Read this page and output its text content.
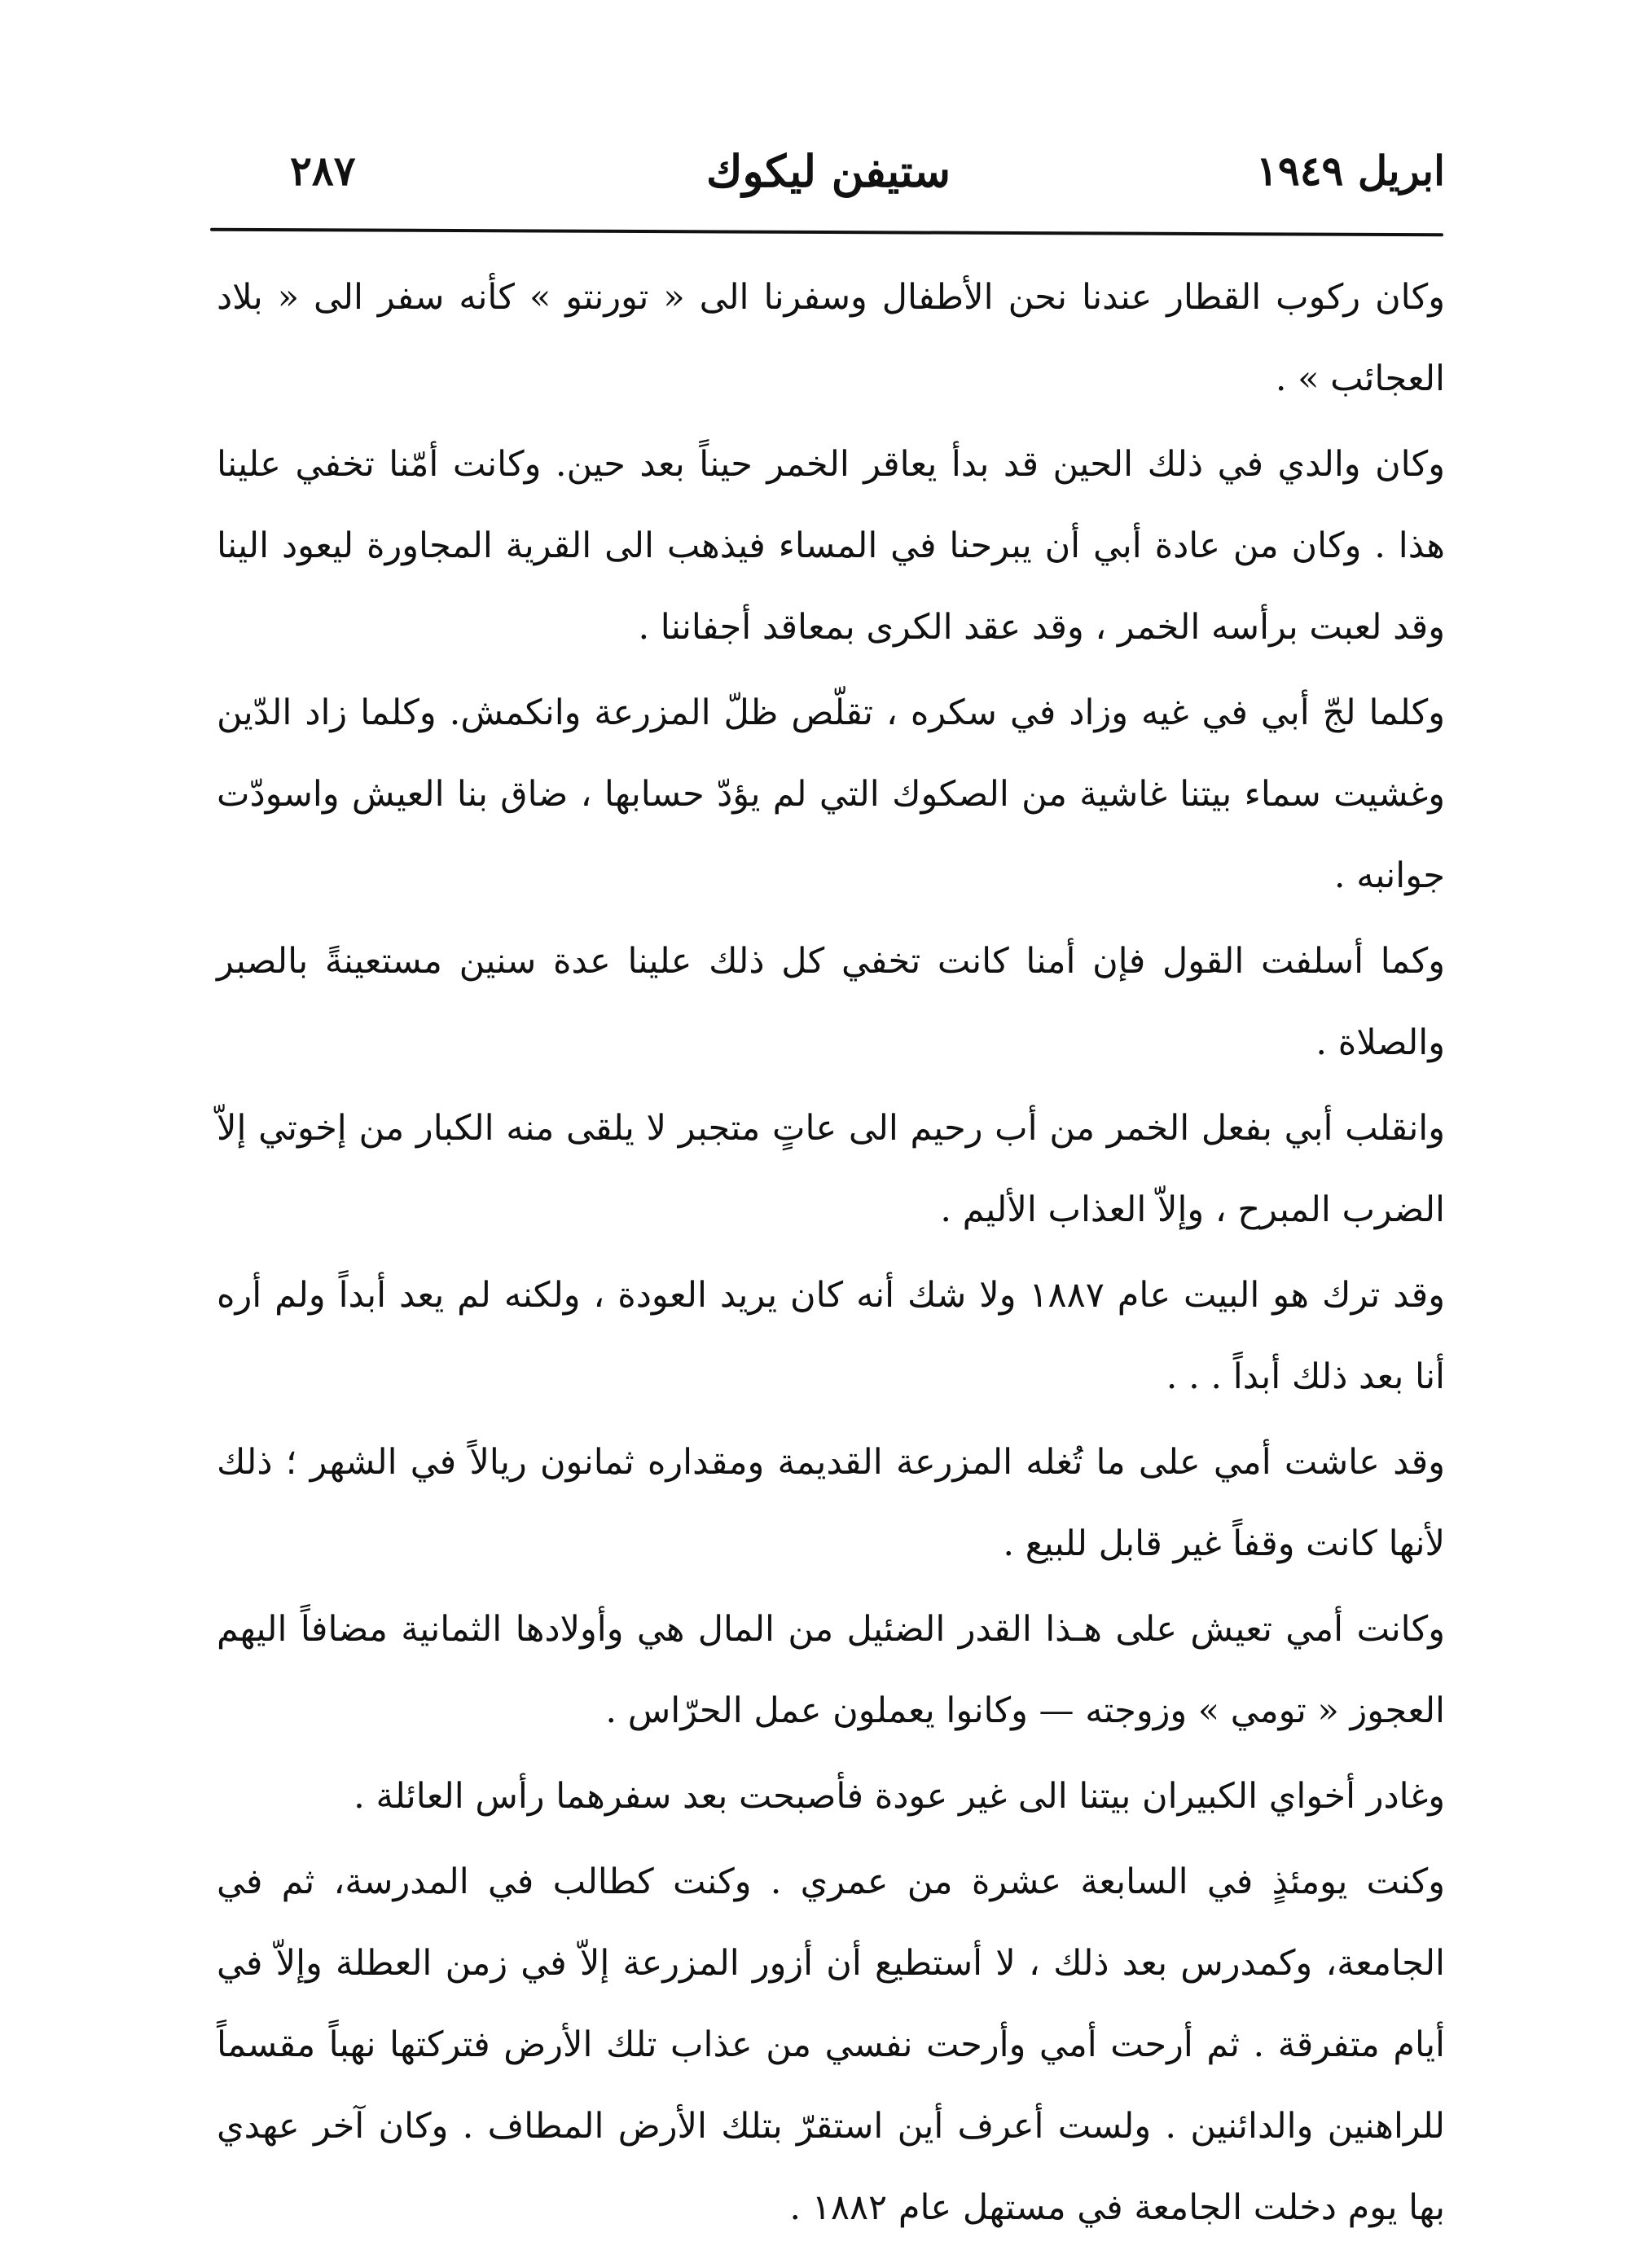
ابريل ١٩٤٩
ستيفن ليكوك
٢٨٧

وكان ركوب القطار عندنا نحن الأطفال وسفرنا الى « تورنتو » كأنه سفر الى « بلاد العجائب » .

وكان والدي في ذلك الحين قد بدأ يعاقر الخمر حيناً بعد حين. وكانت أمّنا تخفي علينا هذا . وكان من عادة أبي أن يبرحنا في المساء فيذهب الى القرية المجاورة ليعود الينا وقد لعبت برأسه الخمر ، وقد عقد الكرى بمعاقد أجفاننا .

وكلما لجّ أبي في غيه وزاد في سكره ، تقلّص ظلّ المزرعة وانكمش. وكلما زاد الدّين وغشيت سماء بيتنا غاشية من الصكوك التي لم يؤدّ حسابها ، ضاق بنا العيش واسودّت جوانبه .

وكما أسلفت القول فإن أمنا كانت تخفي كل ذلك علينا عدة سنين مستعينةً بالصبر والصلاة .

وانقلب أبي بفعل الخمر من أب رحيم الى عاتٍ متجبر لا يلقى منه الكبار من إخوتي إلاّ الضرب المبرح ، وإلاّ العذاب الأليم .

وقد ترك هو البيت عام ١٨٨٧ ولا شك أنه كان يريد العودة ، ولكنه لم يعد أبداً ولم أره أنا بعد ذلك أبداً . . .

وقد عاشت أمي على ما تُغله المزرعة القديمة ومقداره ثمانون ريالاً في الشهر ؛ ذلك لأنها كانت وقفاً غير قابل للبيع .

وكانت أمي تعيش على هـذا القدر الضئيل من المال هي وأولادها الثمانية مضافاً اليهم العجوز « تومي » وزوجته — وكانوا يعملون عمل الحرّاس .

وغادر أخواي الكبيران بيتنا الى غير عودة فأصبحت بعد سفرهما رأس العائلة .

وكنت يومئذٍ في السابعة عشرة من عمري . وكنت كطالب في المدرسة، ثم في الجامعة، وكمدرس بعد ذلك ، لا أستطيع أن أزور المزرعة إلاّ في زمن العطلة وإلاّ في أيام متفرقة . ثم أرحت أمي وأرحت نفسي من عذاب تلك الأرض فتركتها نهباً مقسماً للراهنين والدائنين . ولست أعرف أين استقرّ بتلك الأرض المطاف . وكان آخر عهدي بها يوم دخلت الجامعة في مستهل عام ١٨٨٢ .
